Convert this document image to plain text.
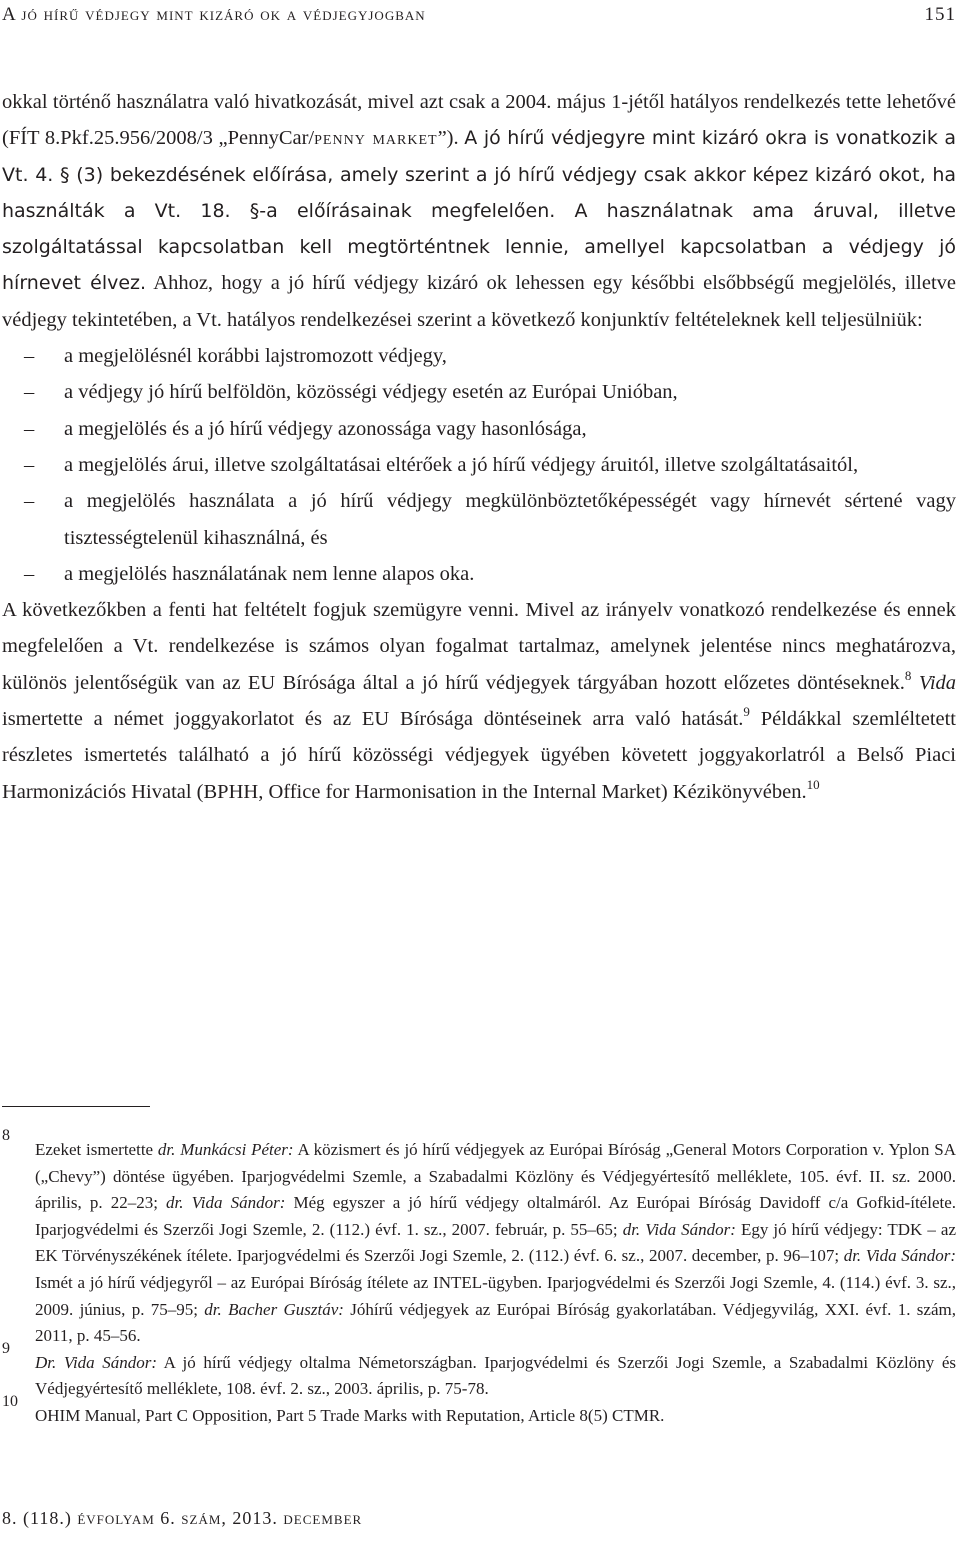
A jó hírű védjegy mint kizáró ok a védjegyjogban	151

okkal történő használatra való hivatkozását, mivel azt csak a 2004. május 1-jétől hatályos rendelkezés tette lehetővé (FÍT 8.Pkf.25.956/2008/3 „PennyCar/penny market”). A jó hírű védjegyre mint kizáró okra is vonatkozik a Vt. 4. § (3) bekezdésének előírása, amely szerint a jó hírű védjegy csak akkor képez kizáró okot, ha használták a Vt. 18. §-a előírásainak megfelelően. A használatnak ama áruval, illetve szolgáltatással kapcsolatban kell megtörténtnek lennie, amellyel kapcsolatban a védjegy jó hírnevet élvez. Ahhoz, hogy a jó hírű védjegy kizáró ok lehessen egy későbbi elsőbbségű megjelölés, illetve védjegy tekintetében, a Vt. hatályos rendelkezései szerint a következő konjunktív feltételeknek kell teljesülniük:

– a megjelölésnél korábbi lajstromozott védjegy,
– a védjegy jó hírű belföldön, közösségi védjegy esetén az Európai Unióban,
– a megjelölés és a jó hírű védjegy azonossága vagy hasonlósága,
– a megjelölés árui, illetve szolgáltatásai eltérőek a jó hírű védjegy áruitól, illetve szolgáltatásaitól,
– a megjelölés használata a jó hírű védjegy megkülönböztetőképességét vagy hírnevét sértené vagy tisztességtelenül kihasználná, és
– a megjelölés használatának nem lenne alapos oka.

A következőkben a fenti hat feltételt fogjuk szemügyre venni. Mivel az irányelv vonatkozó rendelkezése és ennek megfelelően a Vt. rendelkezése is számos olyan fogalmat tartalmaz, amelynek jelentése nincs meghatározva, különös jelentőségük van az EU Bírósága által a jó hírű védjegyek tárgyában hozott előzetes döntéseknek.$^8$ Vida ismertette a német joggyakorlatot és az EU Bírósága döntéseinek arra való hatását.$^9$ Példákkal szemléltetett részletes ismertetés található a jó hírű közösségi védjegyek ügyében követett joggyakorlatról a Belső Piaci Harmonizációs Hivatal (BPHH, Office for Harmonisation in the Internal Market) Kézikönyvében.$^{10}$

8
Ezeket ismertette dr. Munkácsi Péter: A közismert és jó hírű védjegyek az Európai Bíróság „General Motors Corporation v. Yplon SA („Chevy”) döntése ügyében. Iparjogvédelmi Szemle, a Szabadalmi Közlöny és Védjegyértesítő melléklete, 105. évf. II. sz. 2000. április, p. 22–23; dr. Vida Sándor: Még egyszer a jó hírű védjegy oltalmáról. Az Európai Bíróság Davidoff c/a Gofkid-ítélete. Iparjogvédelmi és Szerzői Jogi Szemle, 2. (112.) évf. 1. sz., 2007. február, p. 55–65; dr. Vida Sándor: Egy jó hírű védjegy: TDK – az EK Törvényszékének ítélete. Iparjogvédelmi és Szerzői Jogi Szemle, 2. (112.) évf. 6. sz., 2007. december, p. 96–107; dr. Vida Sándor: Ismét a jó hírű védjegyről – az Európai Bíróság ítélete az INTEL-ügyben. Iparjogvédelmi és Szerzői Jogi Szemle, 4. (114.) évf. 3. sz., 2009. június, p. 75–95; dr. Bacher Gusztáv: Jóhírű védjegyek az Európai Bíróság gyakorlatában. Védjegyvilág, XXI. évf. 1. szám, 2011, p. 45–56.
9
Dr. Vida Sándor: A jó hírű védjegy oltalma Németországban. Iparjogvédelmi és Szerzői Jogi Szemle, a Szabadalmi Közlöny és Védjegyértesítő melléklete, 108. évf. 2. sz., 2003. április, p. 75-78.
10
OHIM Manual, Part C Opposition, Part 5 Trade Marks with Reputation, Article 8(5) CTMR.
8. (118.) évfolyam 6. szám, 2013. december
